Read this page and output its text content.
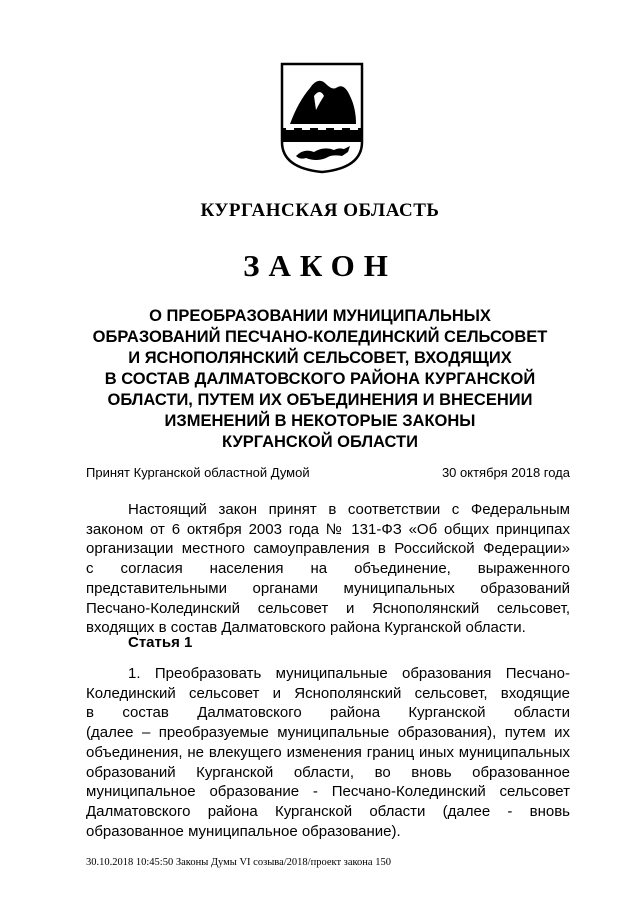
КУРГАНСКАЯ ОБЛАСТЬ
ЗАКОН
О ПРЕОБРАЗОВАНИИ МУНИЦИПАЛЬНЫХ
ОБРАЗОВАНИЙ ПЕСЧАНО-КОЛЕДИНСКИЙ СЕЛЬСОВЕТ
И ЯСНОПОЛЯНСКИЙ СЕЛЬСОВЕТ, ВХОДЯЩИХ
В СОСТАВ ДАЛМАТОВСКОГО РАЙОНА КУРГАНСКОЙ
ОБЛАСТИ, ПУТЕМ ИХ ОБЪЕДИНЕНИЯ И ВНЕСЕНИИ
ИЗМЕНЕНИЙ В НЕКОТОРЫЕ ЗАКОНЫ
КУРГАНСКОЙ ОБЛАСТИ
Принят Курганской областной Думой	30 октября 2018 года
Настоящий закон принят в соответствии с Федеральным
законом от 6 октября 2003 года № 131-ФЗ «Об общих принципах
организации местного самоуправления в Российской Федерации»
с согласия населения на объединение, выраженного
представительными органами муниципальных образований
Песчано-Колединский сельсовет и Яснополянский сельсовет,
входящих в состав Далматовского района Курганской области.
Статья 1
1. Преобразовать муниципальные образования Песчано-
Колединский сельсовет и Яснополянский сельсовет, входящие
в состав Далматовского района Курганской области
(далее – преобразуемые муниципальные образования), путем их
объединения, не влекущего изменения границ иных муниципальных
образований Курганской области, во вновь образованное
муниципальное образование - Песчано-Колединский сельсовет
Далматовского района Курганской области (далее - вновь
образованное муниципальное образование).
30.10.2018 10:45:50 Законы Думы VI созыва/2018/проект закона 150
